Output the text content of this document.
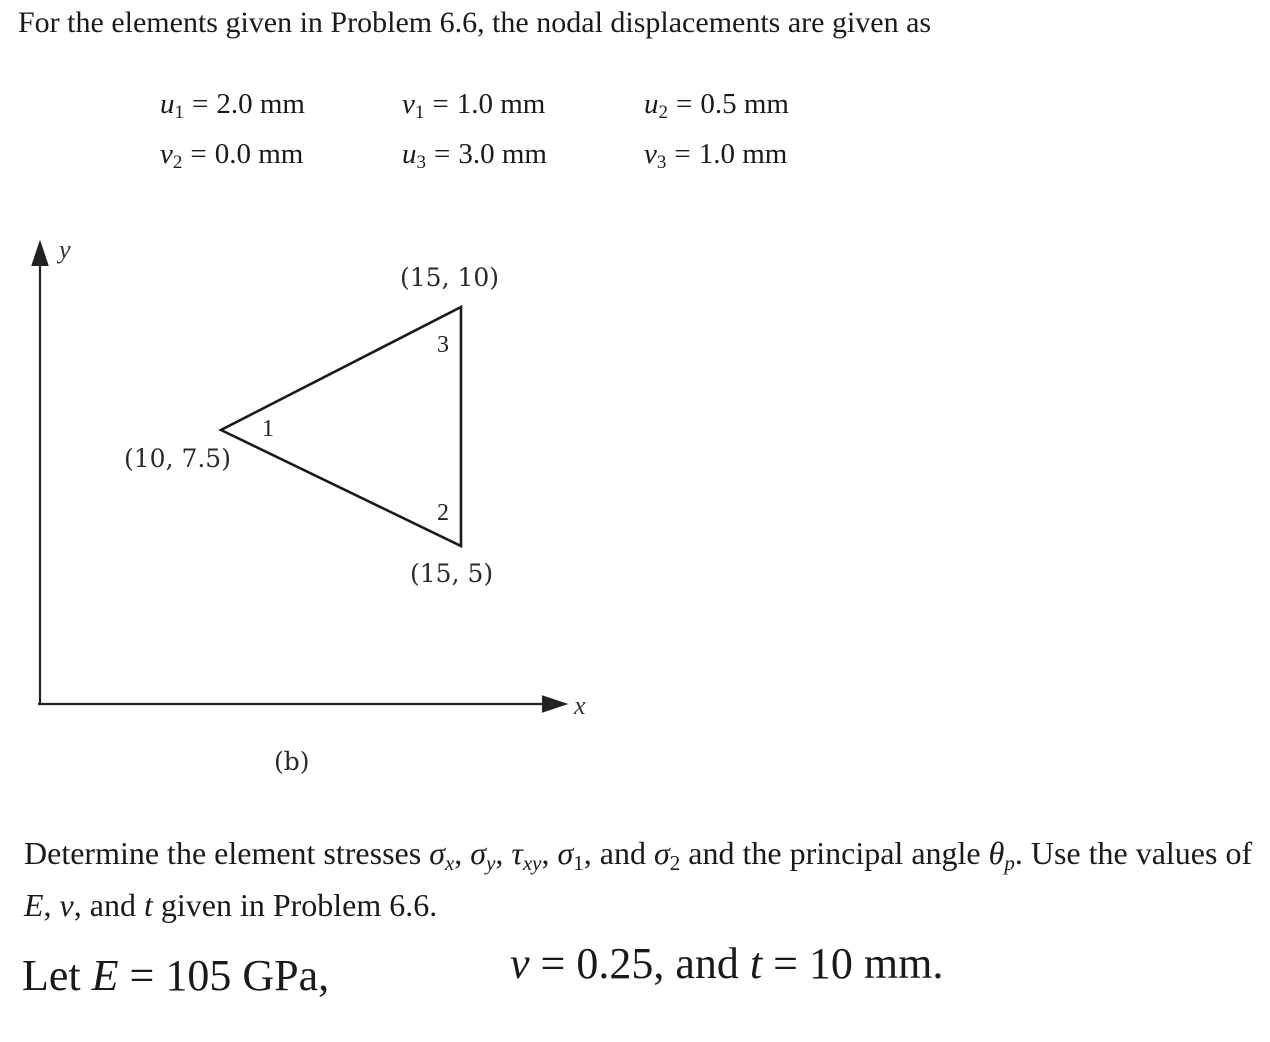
For the elements given in Problem 6.6, the nodal displacements are given as
$u_1 = 2.0$ mm	$v_1 = 1.0$ mm	$u_2 = 0.5$ mm
$v_2 = 0.0$ mm	$u_3 = 3.0$ mm	$v_3 = 1.0$ mm
y
x
1
2
3
(15, 10)
(10, 7.5)
(15, 5)
(b)
Determine the element stresses $\sigma_x$, $\sigma_y$, $\tau_{xy}$, $\sigma_1$, and $\sigma_2$ and the principal angle $\theta_p$. Use the values of E, v, and t given in Problem 6.6.
Let E = 105 GPa,	ν = 0.25, and t = 10 mm.
